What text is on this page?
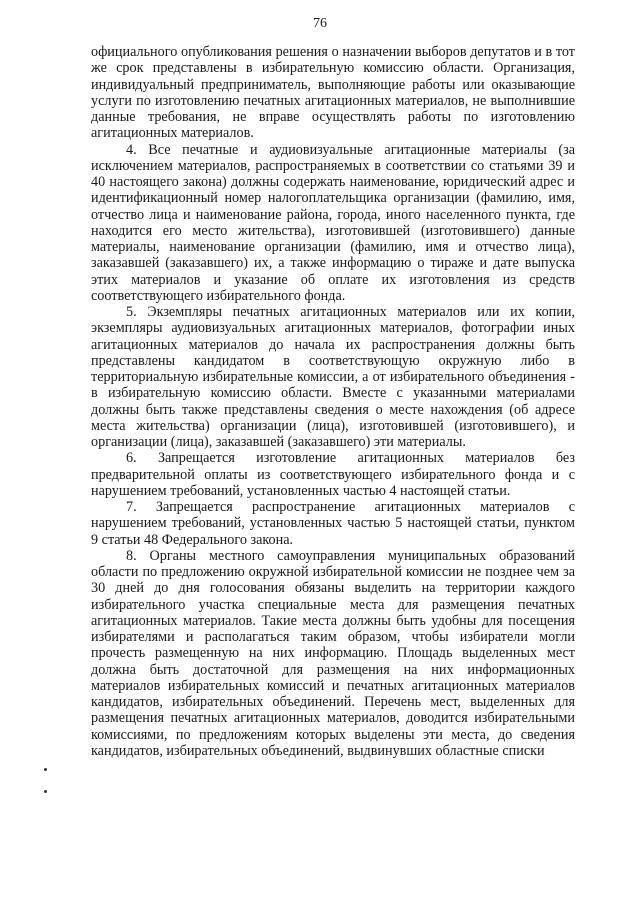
76

официального опубликования решения о назначении выборов депутатов и в тот же срок представлены в избирательную комиссию области. Организация, индивидуальный предприниматель, выполняющие работы или оказывающие услуги по изготовлению печатных агитационных материалов, не выполнившие данные требования, не вправе осуществлять работы по изготовлению агитационных материалов.

4. Все печатные и аудиовизуальные агитационные материалы (за исключением материалов, распространяемых в соответствии со статьями 39 и 40 настоящего закона) должны содержать наименование, юридический адрес и идентификационный номер налогоплательщика организации (фамилию, имя, отчество лица и наименование района, города, иного населенного пункта, где находится его место жительства), изготовившей (изготовившего) данные материалы, наименование организации (фамилию, имя и отчество лица), заказавшей (заказавшего) их, а также информацию о тираже и дате выпуска этих материалов и указание об оплате их изготовления из средств соответствующего избирательного фонда.

5. Экземпляры печатных агитационных материалов или их копии, экземпляры аудиовизуальных агитационных материалов, фотографии иных агитационных материалов до начала их распространения должны быть представлены кандидатом в соответствующую окружную либо в территориальную избирательные комиссии, а от избирательного объединения - в избирательную комиссию области. Вместе с указанными материалами должны быть также представлены сведения о месте нахождения (об адресе места жительства) организации (лица), изготовившей (изготовившего), и организации (лица), заказавшей (заказавшего) эти материалы.

6. Запрещается изготовление агитационных материалов без предварительной оплаты из соответствующего избирательного фонда и с нарушением требований, установленных частью 4 настоящей статьи.

7. Запрещается распространение агитационных материалов с нарушением требований, установленных частью 5 настоящей статьи, пунктом 9 статьи 48 Федерального закона.

8. Органы местного самоуправления муниципальных образований области по предложению окружной избирательной комиссии не позднее чем за 30 дней до дня голосования обязаны выделить на территории каждого избирательного участка специальные места для размещения печатных агитационных материалов. Такие места должны быть удобны для посещения избирателями и располагаться таким образом, чтобы избиратели могли прочесть размещенную на них информацию. Площадь выделенных мест должна быть достаточной для размещения на них информационных материалов избирательных комиссий и печатных агитационных материалов кандидатов, избирательных объединений. Перечень мест, выделенных для размещения печатных агитационных материалов, доводится избирательными комиссиями, по предложениям которых выделены эти места, до сведения кандидатов, избирательных объединений, выдвинувших областные списки
